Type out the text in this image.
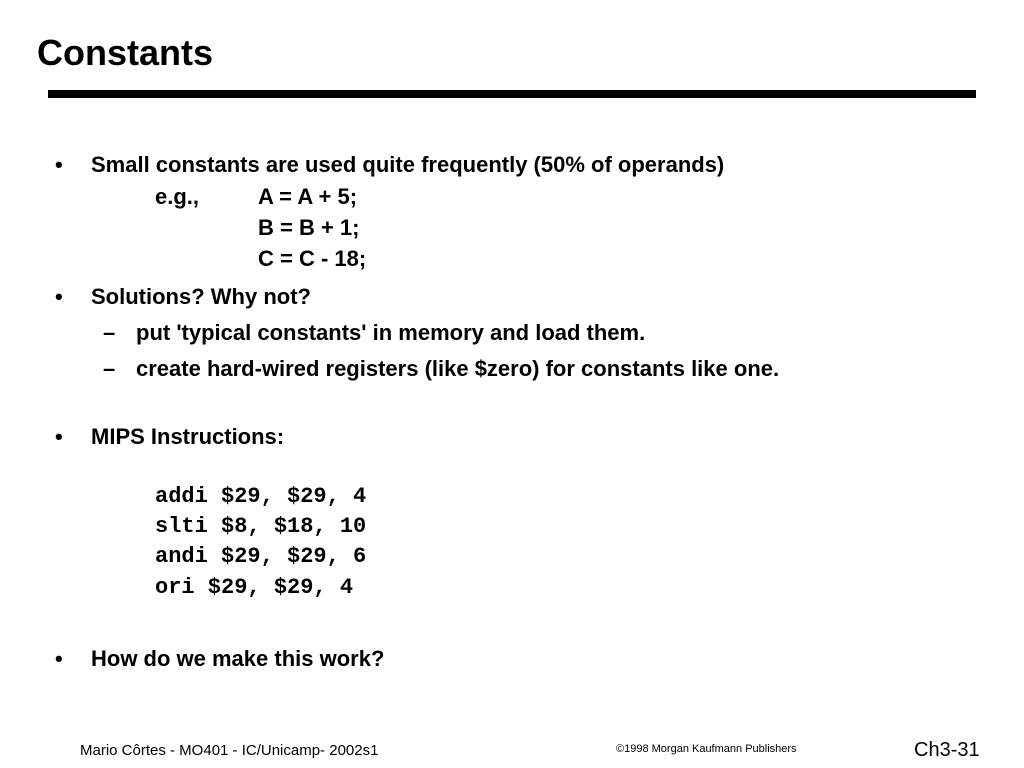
Constants
• Small constants are used quite frequently (50% of operands)
e.g.,	A = A + 5;
B = B + 1;
C = C - 18;
• Solutions? Why not?
– put 'typical constants' in memory and load them.
– create hard-wired registers (like $zero) for constants like one.
• MIPS Instructions:
addi $29, $29, 4
slti $8, $18, 10
andi $29, $29, 6
ori $29, $29, 4
• How do we make this work?
Mario Côrtes - MO401 - IC/Unicamp- 2002s1	©1998 Morgan Kaufmann Publishers	Ch3-31
